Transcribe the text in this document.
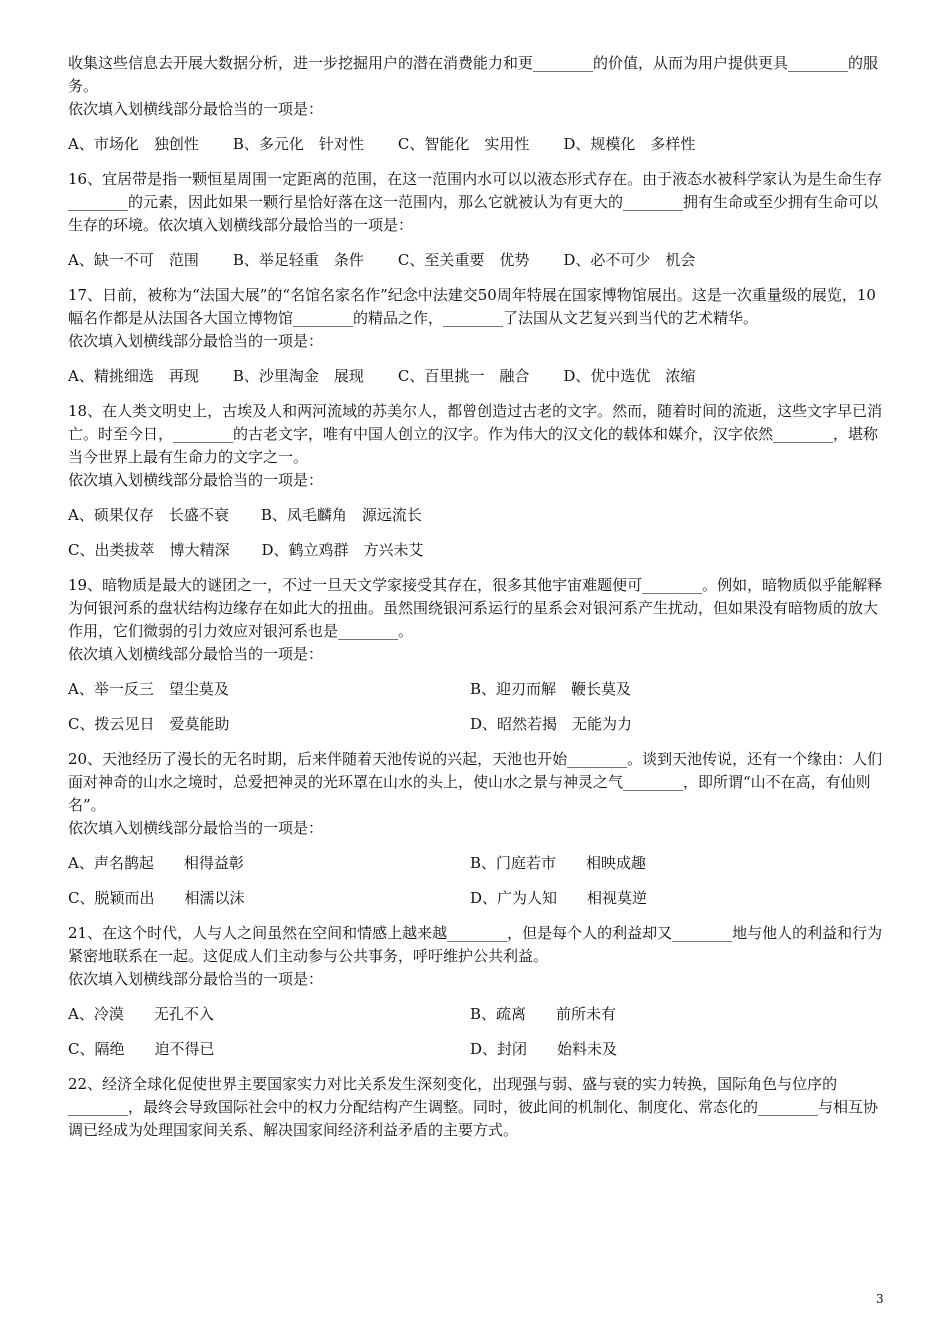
收集这些信息去开展大数据分析，进一步挖掘用户的潜在消费能力和更________的价值，从而为用户提供更具________的服务。

依次填入划横线部分最恰当的一项是：

A、市场化　独创性 B、多元化　针对性 C、智能化　实用性 D、规模化　多样性

16、宜居带是指一颗恒星周围一定距离的范围，在这一范围内水可以以液态形式存在。由于液态水被科学家认为是生命生存________的元素，因此如果一颗行星恰好落在这一范围内，那么它就被认为有更大的________拥有生命或至少拥有生命可以生存的环境。依次填入划横线部分最恰当的一项是：

A、缺一不可　范围 B、举足轻重　条件 C、至关重要　优势 D、必不可少　机会

17、日前，被称为“法国大展”的“名馆名家名作”纪念中法建交50周年特展在国家博物馆展出。这是一次重量级的展览，10幅名作都是从法国各大国立博物馆________的精品之作，________了法国从文艺复兴到当代的艺术精华。

依次填入划横线部分最恰当的一项是：

A、精挑细选　再现 B、沙里淘金　展现 C、百里挑一　融合 D、优中选优　浓缩

18、在人类文明史上，古埃及人和两河流域的苏美尔人，都曾创造过古老的文字。然而，随着时间的流逝，这些文字早已消亡。时至今日，________的古老文字，唯有中国人创立的汉字。作为伟大的汉文化的载体和媒介，汉字依然________，堪称当今世界上最有生命力的文字之一。

依次填入划横线部分最恰当的一项是：

A、硕果仅存　长盛不衰 B、凤毛麟角　源远流长
C、出类拔萃　博大精深 D、鹤立鸡群　方兴未艾

19、暗物质是最大的谜团之一，不过一旦天文学家接受其存在，很多其他宇宙难题便可________。例如，暗物质似乎能解释为何银河系的盘状结构边缘存在如此大的扭曲。虽然围绕银河系运行的星系会对银河系产生扰动，但如果没有暗物质的放大作用，它们微弱的引力效应对银河系也是________。

依次填入划横线部分最恰当的一项是：

A、举一反三　望尘莫及	B、迎刃而解　鞭长莫及
C、拨云见日　爱莫能助	D、昭然若揭　无能为力

20、天池经历了漫长的无名时期，后来伴随着天池传说的兴起，天池也开始________。谈到天池传说，还有一个缘由：人们面对神奇的山水之境时，总爱把神灵的光环罩在山水的头上，使山水之景与神灵之气________，即所谓“山不在高，有仙则名”。

依次填入划横线部分最恰当的一项是：

A、声名鹊起　　相得益彰	B、门庭若市　　相映成趣
C、脱颖而出　　相濡以沫	D、广为人知　　相视莫逆

21、在这个时代，人与人之间虽然在空间和情感上越来越________，但是每个人的利益却又________地与他人的利益和行为紧密地联系在一起。这促成人们主动参与公共事务，呼吁维护公共利益。

依次填入划横线部分最恰当的一项是：

A、冷漠　　无孔不入	B、疏离　　前所未有
C、隔绝　　迫不得已	D、封闭　　始料未及

22、经济全球化促使世界主要国家实力对比关系发生深刻变化，出现强与弱、盛与衰的实力转换，国际角色与位序的________，最终会导致国际社会中的权力分配结构产生调整。同时，彼此间的机制化、制度化、常态化的________与相互协调已经成为处理国家间关系、解决国家间经济利益矛盾的主要方式。

3
